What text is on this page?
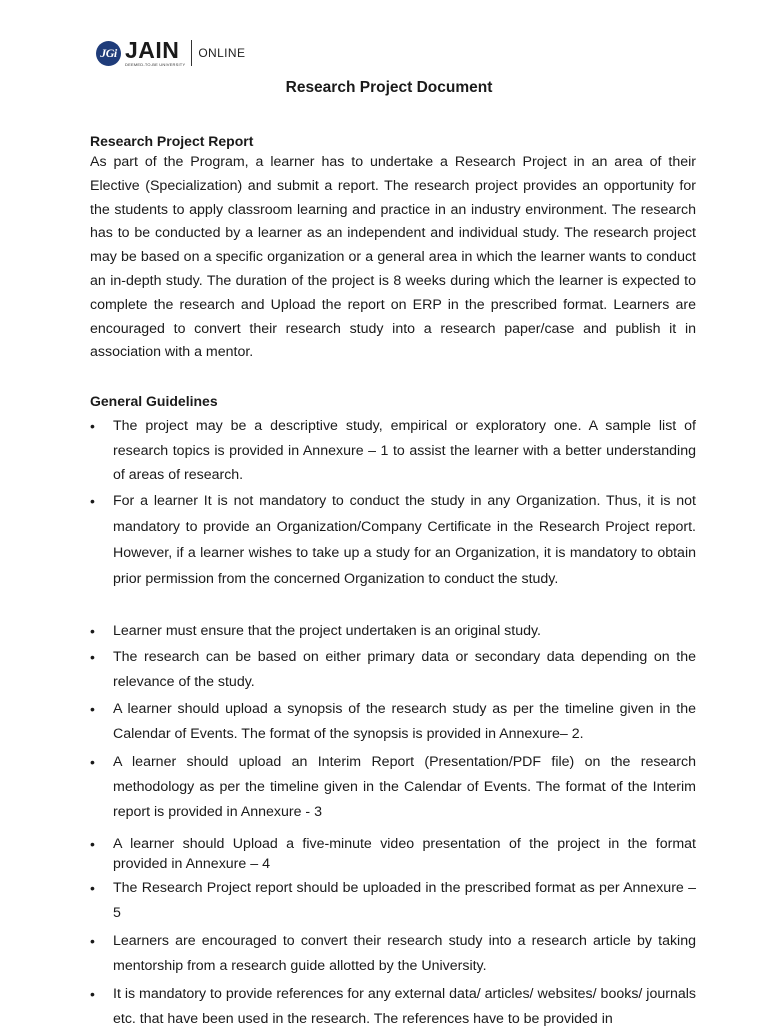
JGi JAIN
DEEMED-TO-BE UNIVERSITY
ONLINE
Research Project Document
Research Project Report

As part of the Program, a learner has to undertake a Research Project in an area of their Elective (Specialization) and submit a report. The research project provides an opportunity for the students to apply classroom learning and practice in an industry environment. The research has to be conducted by a learner as an independent and individual study. The research project may be based on a specific organization or a general area in which the learner wants to conduct an in-depth study. The duration of the project is 8 weeks during which the learner is expected to complete the research and Upload the report on ERP in the prescribed format. Learners are encouraged to convert their research study into a research paper/case and publish it in association with a mentor.

General Guidelines
• The project may be a descriptive study, empirical or exploratory one. A sample list of research topics is provided in Annexure – 1 to assist the learner with a better understanding of areas of research.
• For a learner It is not mandatory to conduct the study in any Organization. Thus, it is not mandatory to provide an Organization/Company Certificate in the Research Project report. However, if a learner wishes to take up a study for an Organization, it is mandatory to obtain prior permission from the concerned Organization to conduct the study.
• Learner must ensure that the project undertaken is an original study.
• The research can be based on either primary data or secondary data depending on the relevance of the study.
• A learner should upload a synopsis of the research study as per the timeline given in the Calendar of Events. The format of the synopsis is provided in Annexure– 2.
• A learner should upload an Interim Report (Presentation/PDF file) on the research methodology as per the timeline given in the Calendar of Events. The format of the Interim report is provided in Annexure - 3
• A learner should Upload a five-minute video presentation of the project in the format provided in Annexure – 4
• The Research Project report should be uploaded in the prescribed format as per Annexure – 5
• Learners are encouraged to convert their research study into a research article by taking mentorship from a research guide allotted by the University.
• It is mandatory to provide references for any external data/ articles/ websites/ books/ journals etc. that have been used in the research. The references have to be provided in
